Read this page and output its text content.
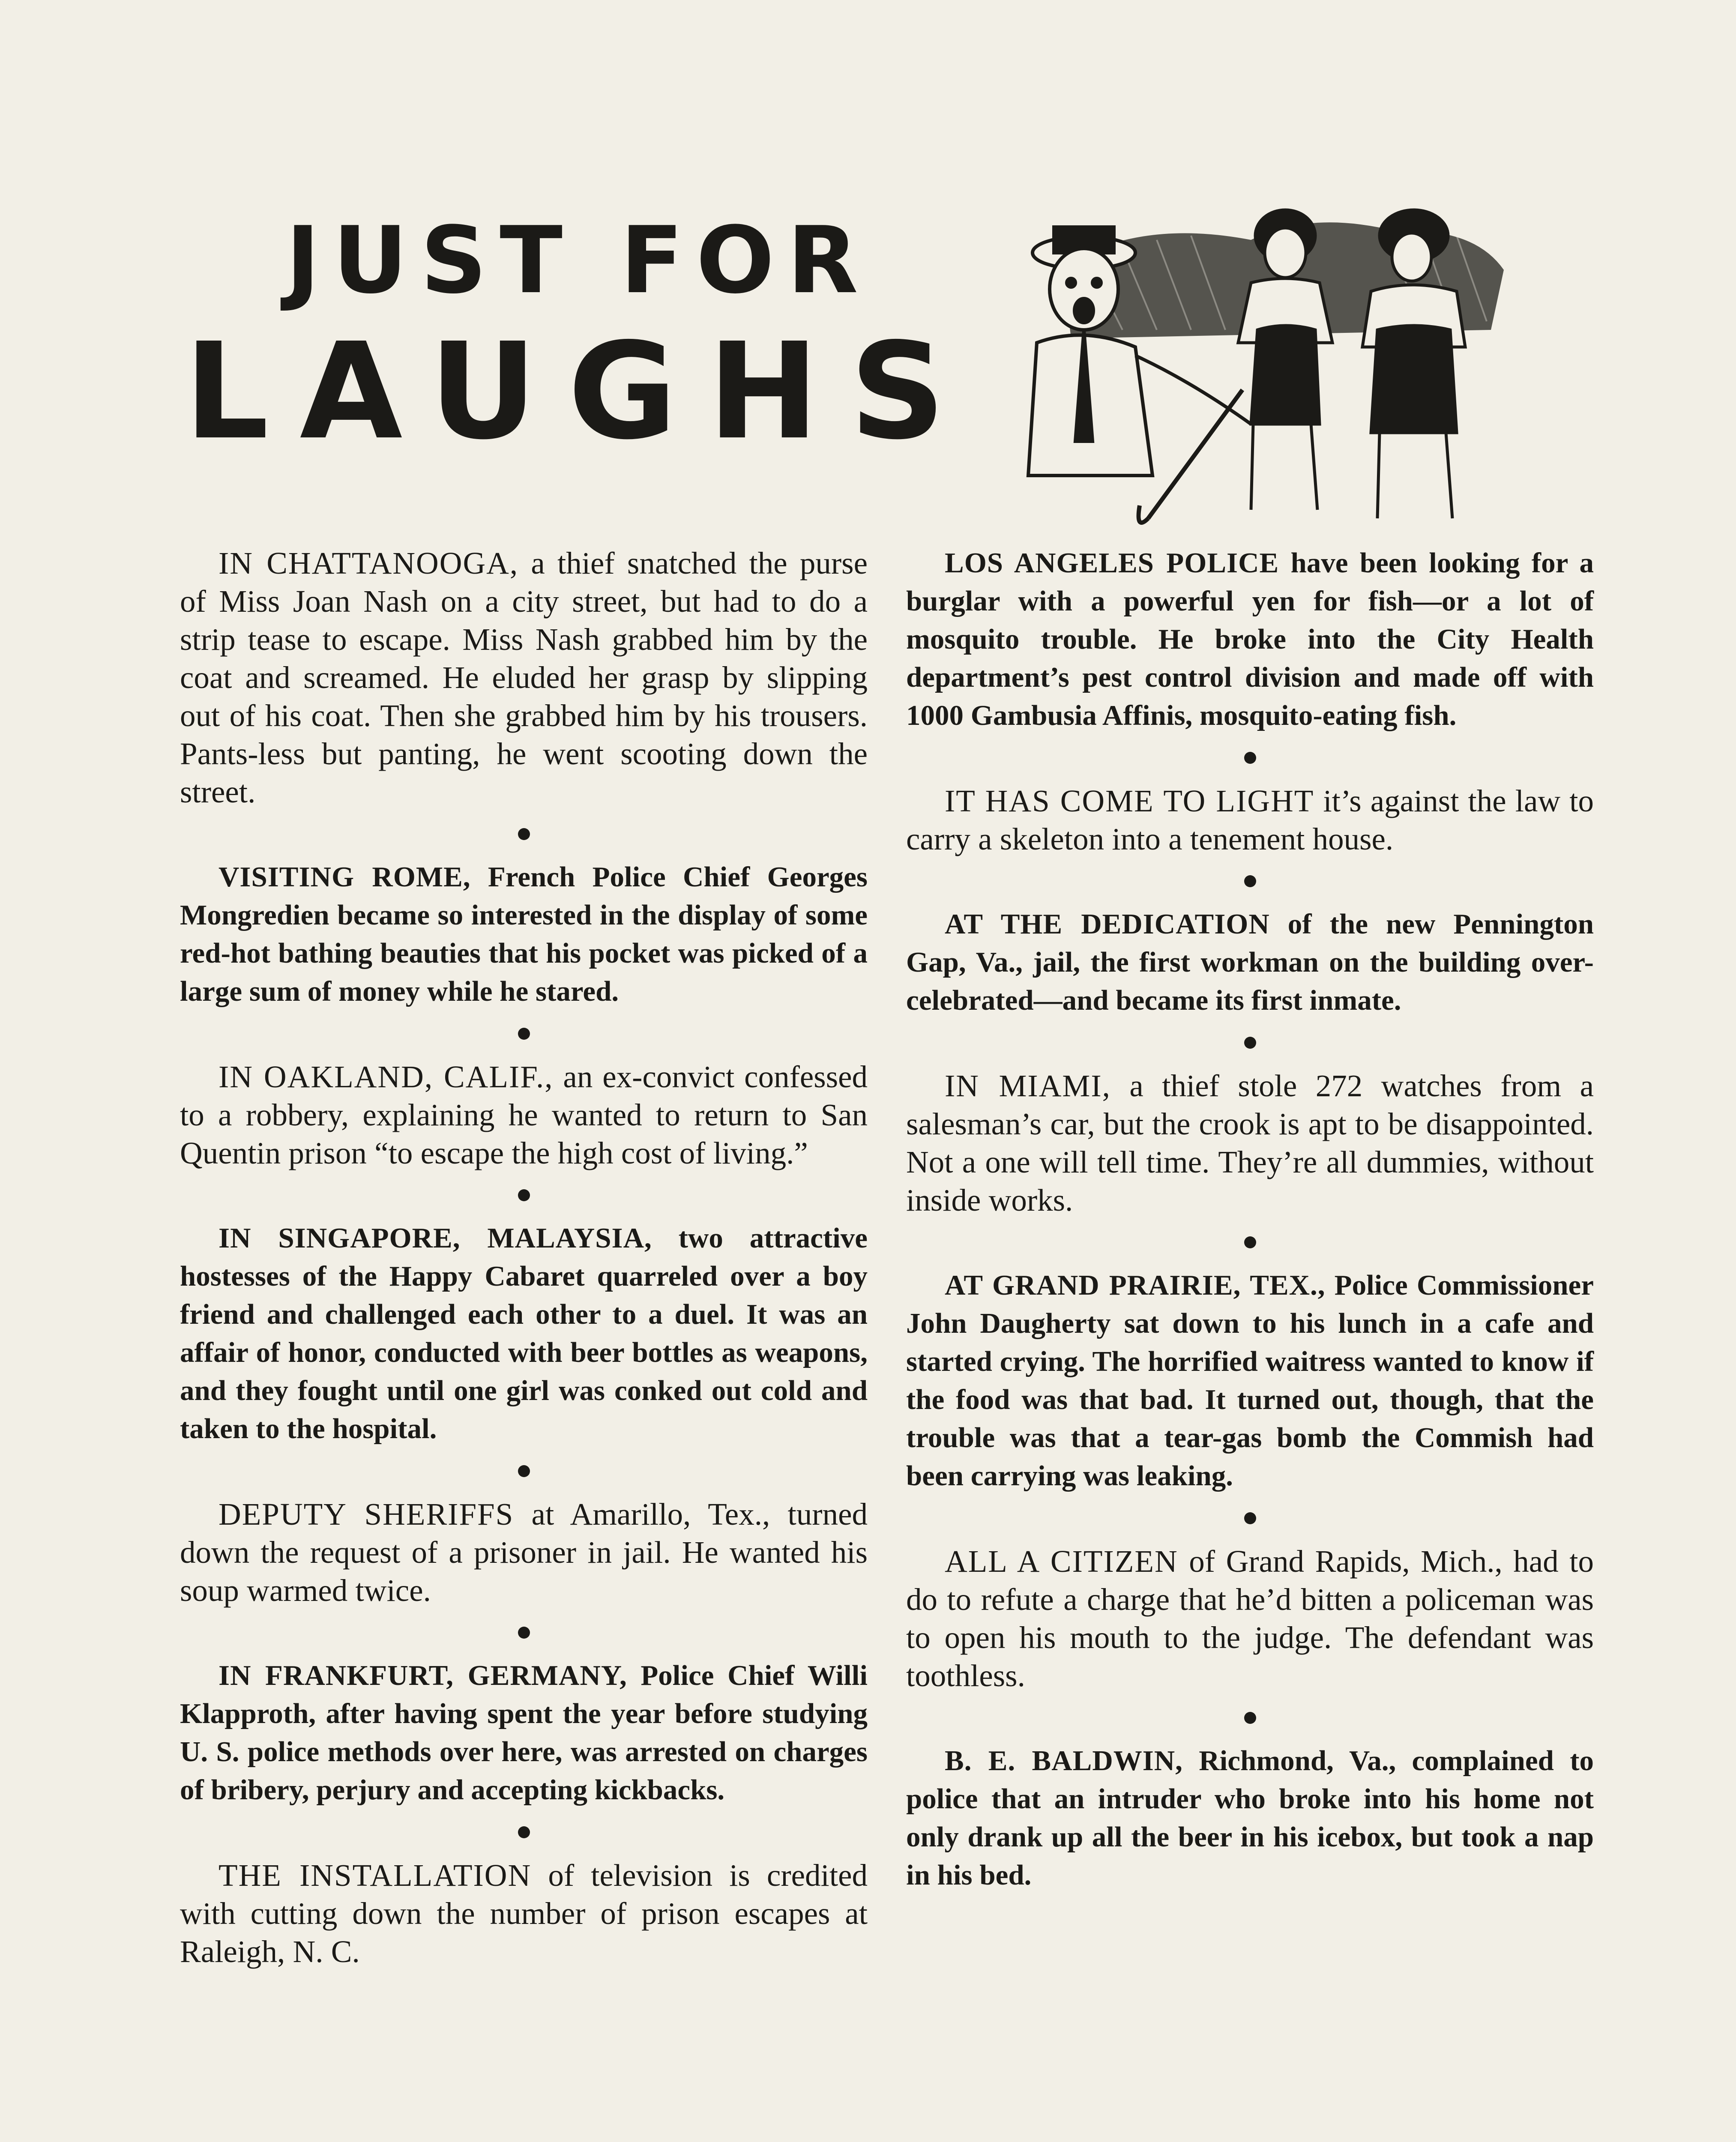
JUST FOR
LAUGHS

IN CHATTANOOGA, a thief snatched the purse of Miss Joan Nash on a city street, but had to do a strip tease to escape. Miss Nash grabbed him by the coat and screamed. He eluded her grasp by slipping out of his coat. Then she grabbed him by his trousers. Pants-less but panting, he went scooting down the street.

VISITING ROME, French Police Chief Georges Mongredien became so interested in the display of some red-hot bathing beauties that his pocket was picked of a large sum of money while he stared.

IN OAKLAND, CALIF., an ex-convict confessed to a robbery, explaining he wanted to return to San Quentin prison “to escape the high cost of living.”

IN SINGAPORE, MALAYSIA, two attractive hostesses of the Happy Cabaret quarreled over a boy friend and challenged each other to a duel. It was an affair of honor, conducted with beer bottles as weapons, and they fought until one girl was conked out cold and taken to the hospital.

DEPUTY SHERIFFS at Amarillo, Tex., turned down the request of a prisoner in jail. He wanted his soup warmed twice.

IN FRANKFURT, GERMANY, Police Chief Willi Klapproth, after having spent the year before studying U. S. police methods over here, was arrested on charges of bribery, perjury and accepting kickbacks.

THE INSTALLATION of television is credited with cutting down the number of prison escapes at Raleigh, N. C.

LOS ANGELES POLICE have been looking for a burglar with a powerful yen for fish—or a lot of mosquito trouble. He broke into the City Health department’s pest control division and made off with 1000 Gambusia Affinis, mosquito-eating fish.

IT HAS COME TO LIGHT it’s against the law to carry a skeleton into a tenement house.

AT THE DEDICATION of the new Pennington Gap, Va., jail, the first workman on the building over-celebrated—and became its first inmate.

IN MIAMI, a thief stole 272 watches from a salesman’s car, but the crook is apt to be disappointed. Not a one will tell time. They’re all dummies, without inside works.

AT GRAND PRAIRIE, TEX., Police Commissioner John Daugherty sat down to his lunch in a cafe and started crying. The horrified waitress wanted to know if the food was that bad. It turned out, though, that the trouble was that a tear-gas bomb the Commish had been carrying was leaking.

ALL A CITIZEN of Grand Rapids, Mich., had to do to refute a charge that he’d bitten a policeman was to open his mouth to the judge. The defendant was toothless.

B. E. BALDWIN, Richmond, Va., complained to police that an intruder who broke into his home not only drank up all the beer in his icebox, but took a nap in his bed.
